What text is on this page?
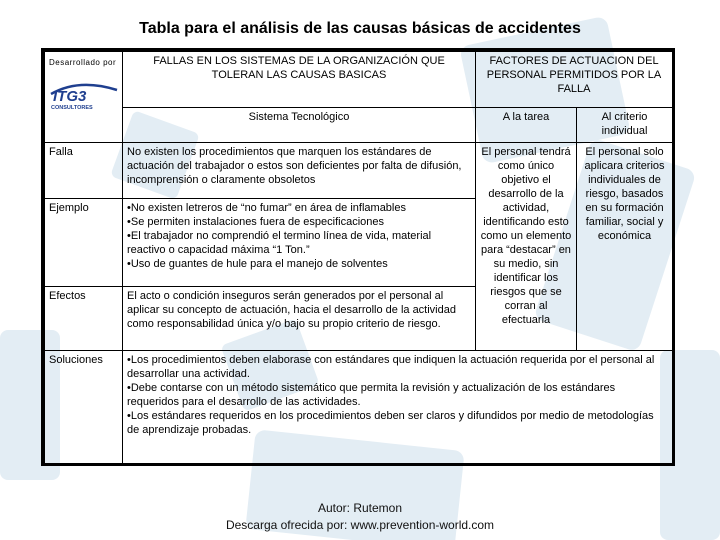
Tabla para el análisis de las causas básicas de accidentes
Desarrollado por
ITG3
CONSULTORES	FALLAS EN LOS SISTEMAS DE LA ORGANIZACIÓN QUE TOLERAN LAS CAUSAS BASICAS	FACTORES DE ACTUACION DEL PERSONAL PERMITIDOS POR LA FALLA	
	Sistema Tecnológico	A la tarea	Al criterio individual
Falla	No existen los procedimientos que marquen los estándares de actuación del trabajador o estos son deficientes por falta de difusión, incomprensión o claramente obsoletos	El personal tendrá como único objetivo el desarrollo de la actividad, identificando esto como un elemento para “destacar” en su medio, sin identificar los riesgos que se corran al efectuarla	El personal solo aplicara criterios individuales de riesgo, basados en su formación familiar, social y económica
Ejemplo	•No existen letreros de “no fumar” en área de inflamables
•Se permiten instalaciones fuera de especificaciones
•El trabajador no comprendió el termino línea de vida, material reactivo o capacidad máxima “1 Ton.”
•Uso de guantes de hule para el manejo de solventes		

Efectos	El acto o condición inseguros serán generados por el personal al aplicar su concepto de actuación, hacia el desarrollo de la actividad como responsabilidad única y/o bajo su propio criterio de riesgo.		
Soluciones	•Los procedimientos deben elaborase con estándares que indiquen la actuación requerida por el personal al desarrollar una actividad.
•Debe contarse con un método sistemático que permita la revisión y actualización de los estándares requeridos para el desarrollo de las actividades.
•Los estándares requeridos en los procedimientos deben ser claros y difundidos por medio de metodologías de aprendizaje probadas.		
Autor: Rutemon
Descarga ofrecida por: www.prevention-world.com
